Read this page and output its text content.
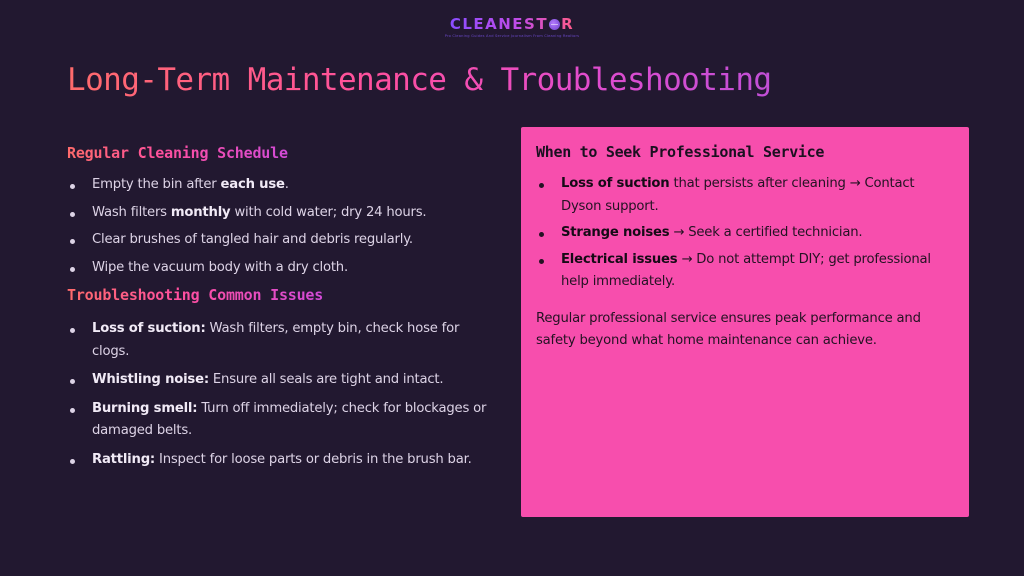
CLEANEST R
Pro Cleaning Guides And Service Journalism From Cleaning Realtors
Long-Term Maintenance & Troubleshooting
Regular Cleaning Schedule
Empty the bin after each use.
Wash filters monthly with cold water; dry 24 hours.
Clear brushes of tangled hair and debris regularly.
Wipe the vacuum body with a dry cloth.
Troubleshooting Common Issues
Loss of suction: Wash filters, empty bin, check hose for clogs.
Whistling noise: Ensure all seals are tight and intact.
Burning smell: Turn off immediately; check for blockages or damaged belts.
Rattling: Inspect for loose parts or debris in the brush bar.
When to Seek Professional Service
Loss of suction that persists after cleaning → Contact Dyson support.
Strange noises → Seek a certified technician.
Electrical issues → Do not attempt DIY; get professional help immediately.

Regular professional service ensures peak performance and safety beyond what home maintenance can achieve.
